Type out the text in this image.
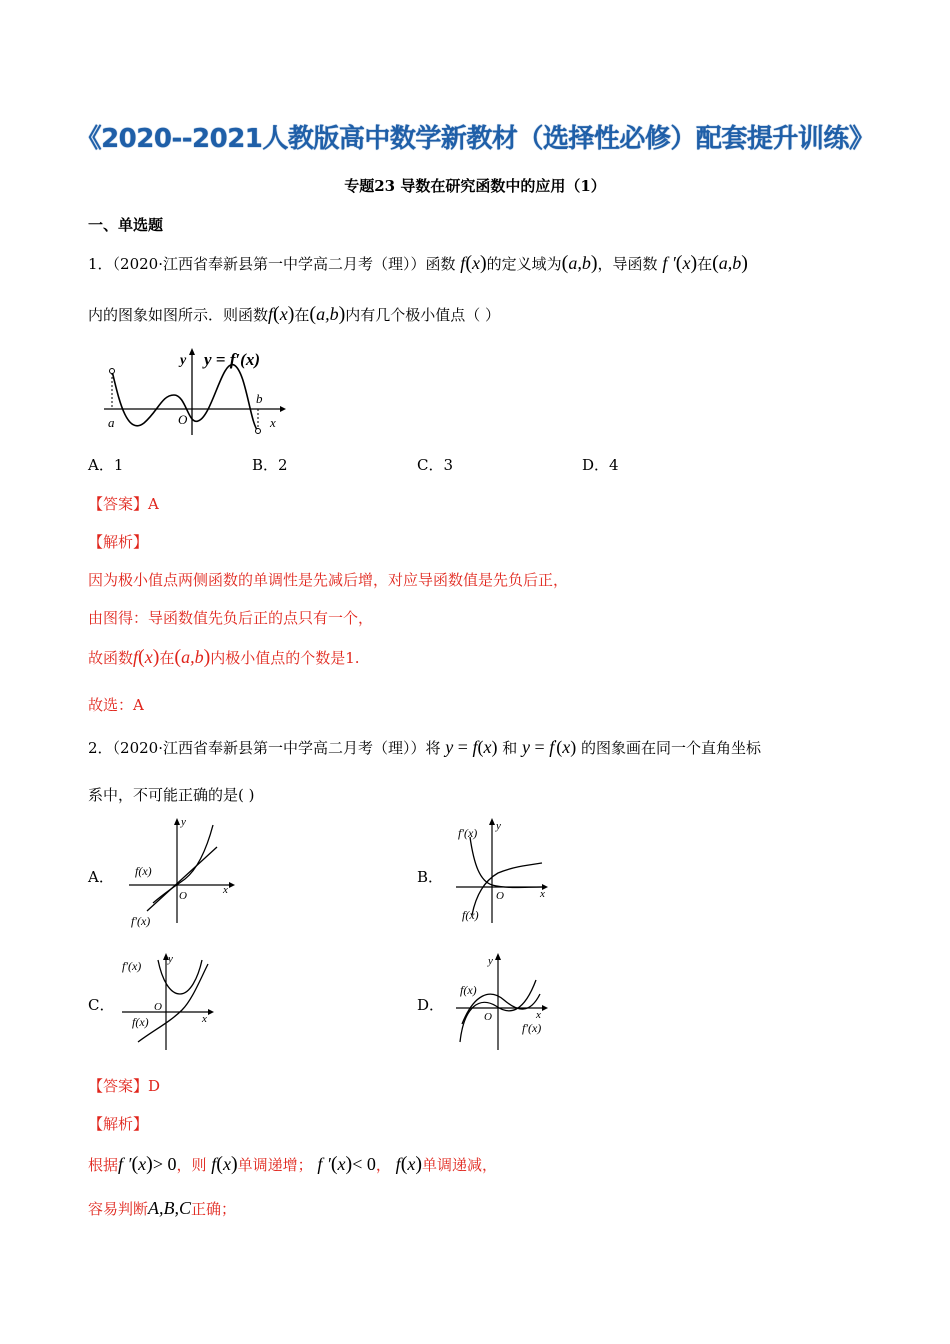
《2020--2021人教版高中数学新教材（选择性必修）配套提升训练》
专题23 导数在研究函数中的应用（1）
一、单选题
1．（2020·江西省奉新县第一中学高二月考（理））函数 f(x)的定义域为(a,b)，导函数 f ′(x)在(a,b)
内的图象如图所示．则函数f(x)在(a,b)内有几个极小值点（ ）
y y = f′(x)
O
a
b
x
A．1	B．2	C．3	D．4
【答案】A
【解析】
因为极小值点两侧函数的单调性是先减后增，对应导函数值是先负后正，
由图得：导函数值先负后正的点只有一个，
故函数f(x)在(a,b)内极小值点的个数是1.
故选：A
2．（2020·江西省奉新县第一中学高二月考（理））将 y = f(x) 和 y = f'(x) 的图象画在同一个直角坐标
系中，不可能正确的是( )
A．
y
x
O
f(x)
f′(x)
B．
y
x
O
f′(x)
f(x)
C．
y
x
O
f′(x)
f(x)
D．
y
x
O
f(x)
f′(x)
【答案】D
【解析】
根据f ′(x)> 0，则 f(x)单调递增； f ′(x)< 0， f(x)单调递减，
容易判断A,B,C正确；
